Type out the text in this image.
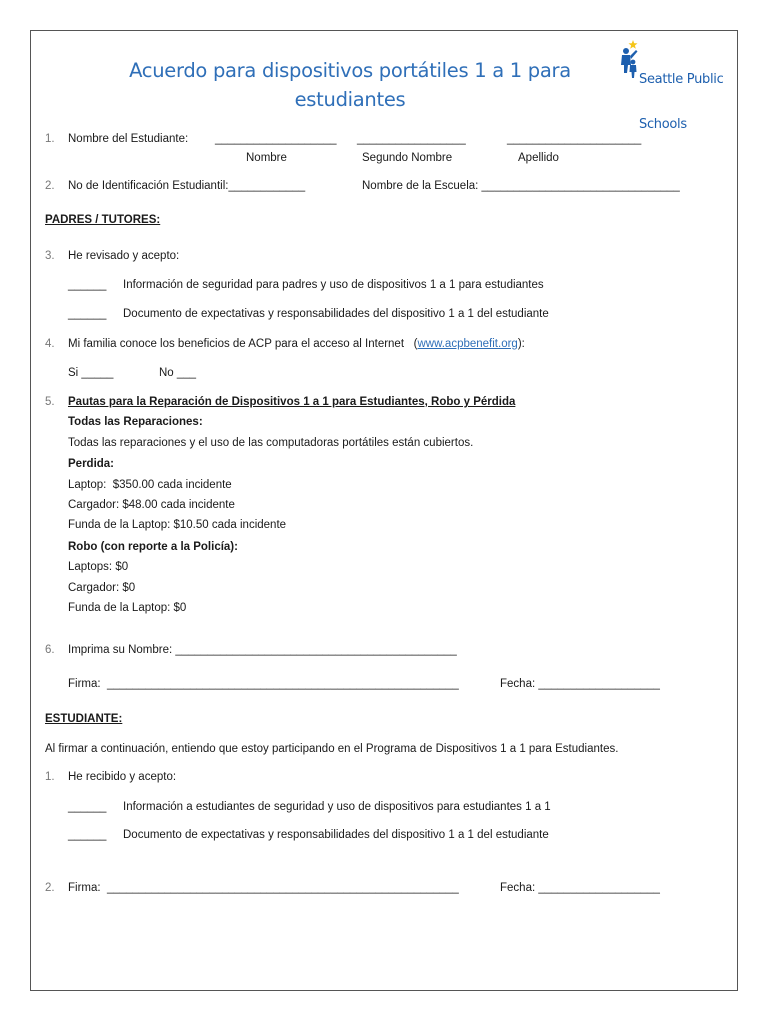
Acuerdo para dispositivos portátiles 1 a 1 para
estudiantes

Seattle Public

Schools

1. Nombre del Estudiante: ___________________ _________________	_____________________
Nombre	Segundo Nombre	Apellido
2. No de Identificación Estudiantil:____________	Nombre de la Escuela: _______________________________
PADRES / TUTORES:
3. He revisado y acepto:
______ Información de seguridad para padres y uso de dispositivos 1 a 1 para estudiantes
______ Documento de expectativas y responsabilidades del dispositivo 1 a 1 del estudiante
4. Mi familia conoce los beneficios de ACP para el acceso al Internet   (www.acpbenefit.org):
Si _____	No ___
5. Pautas para la Reparación de Dispositivos 1 a 1 para Estudiantes, Robo y Pérdida
Todas las Reparaciones:
Todas las reparaciones y el uso de las computadoras portátiles están cubiertos.
Perdida:
Laptop:  $350.00 cada incidente
Cargador: $48.00 cada incidente
Funda de la Laptop: $10.50 cada incidente
Robo (con reporte a la Policía):
Laptops: $0
Cargador: $0
Funda de la Laptop: $0
6. Imprima su Nombre: ____________________________________________
Firma:  _______________________________________________________	Fecha: ___________________
ESTUDIANTE:
Al firmar a continuación, entiendo que estoy participando en el Programa de Dispositivos 1 a 1 para Estudiantes.
1. He recibido y acepto:
______ Información a estudiantes de seguridad y uso de dispositivos para estudiantes 1 a 1
______ Documento de expectativas y responsabilidades del dispositivo 1 a 1 del estudiante
2. Firma:  _______________________________________________________	Fecha: ___________________
